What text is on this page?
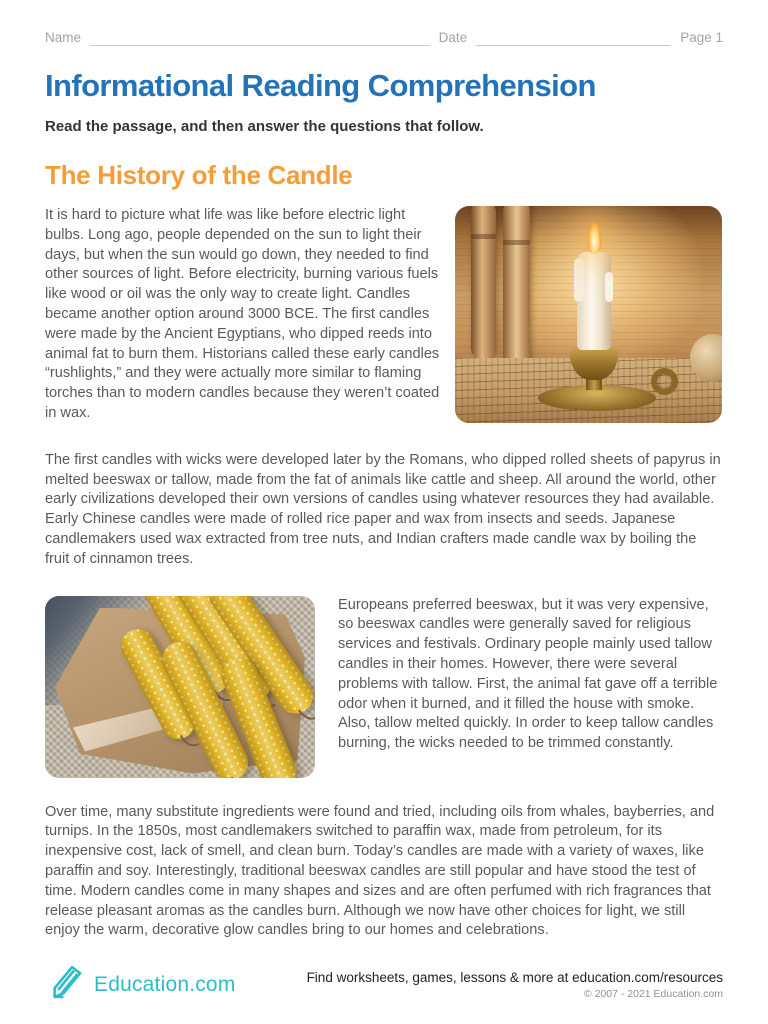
Name	Date	Page 1
Informational Reading Comprehension
Read the passage, and then answer the questions that follow.
The History of the Candle

It is hard to picture what life was like before electric light bulbs. Long ago, people depended on the sun to light their days, but when the sun would go down, they needed to find other sources of light. Before electricity, burning various fuels like wood or oil was the only way to create light. Candles became another option around 3000 BCE. The first candles were made by the Ancient Egyptians, who dipped reeds into animal fat to burn them. Historians called these early candles “rushlights,” and they were actually more similar to flaming torches than to modern candles because they weren’t coated in wax.

The first candles with wicks were developed later by the Romans, who dipped rolled sheets of papyrus in melted beeswax or tallow, made from the fat of animals like cattle and sheep. All around the world, other early civilizations developed their own versions of candles using whatever resources they had available. Early Chinese candles were made of rolled rice paper and wax from insects and seeds. Japanese candlemakers used wax extracted from tree nuts, and Indian crafters made candle wax by boiling the fruit of cinnamon trees.

Europeans preferred beeswax, but it was very expensive, so beeswax candles were generally saved for religious services and festivals. Ordinary people mainly used tallow candles in their homes. However, there were several problems with tallow. First, the animal fat gave off a terrible odor when it burned, and it filled the house with smoke. Also, tallow melted quickly. In order to keep tallow candles burning, the wicks needed to be trimmed constantly.

Over time, many substitute ingredients were found and tried, including oils from whales, bayberries, and turnips. In the 1850s, most candlemakers switched to paraffin wax, made from petroleum, for its inexpensive cost, lack of smell, and clean burn. Today’s candles are made with a variety of waxes, like paraffin and soy. Interestingly, traditional beeswax candles are still popular and have stood the test of time. Modern candles come in many shapes and sizes and are often perfumed with rich fragrances that release pleasant aromas as the candles burn. Although we now have other choices for light, we still enjoy the warm, decorative glow candles bring to our homes and celebrations.

Education.com	Find worksheets, games, lessons & more at education.com/resources
© 2007 - 2021 Education.com
